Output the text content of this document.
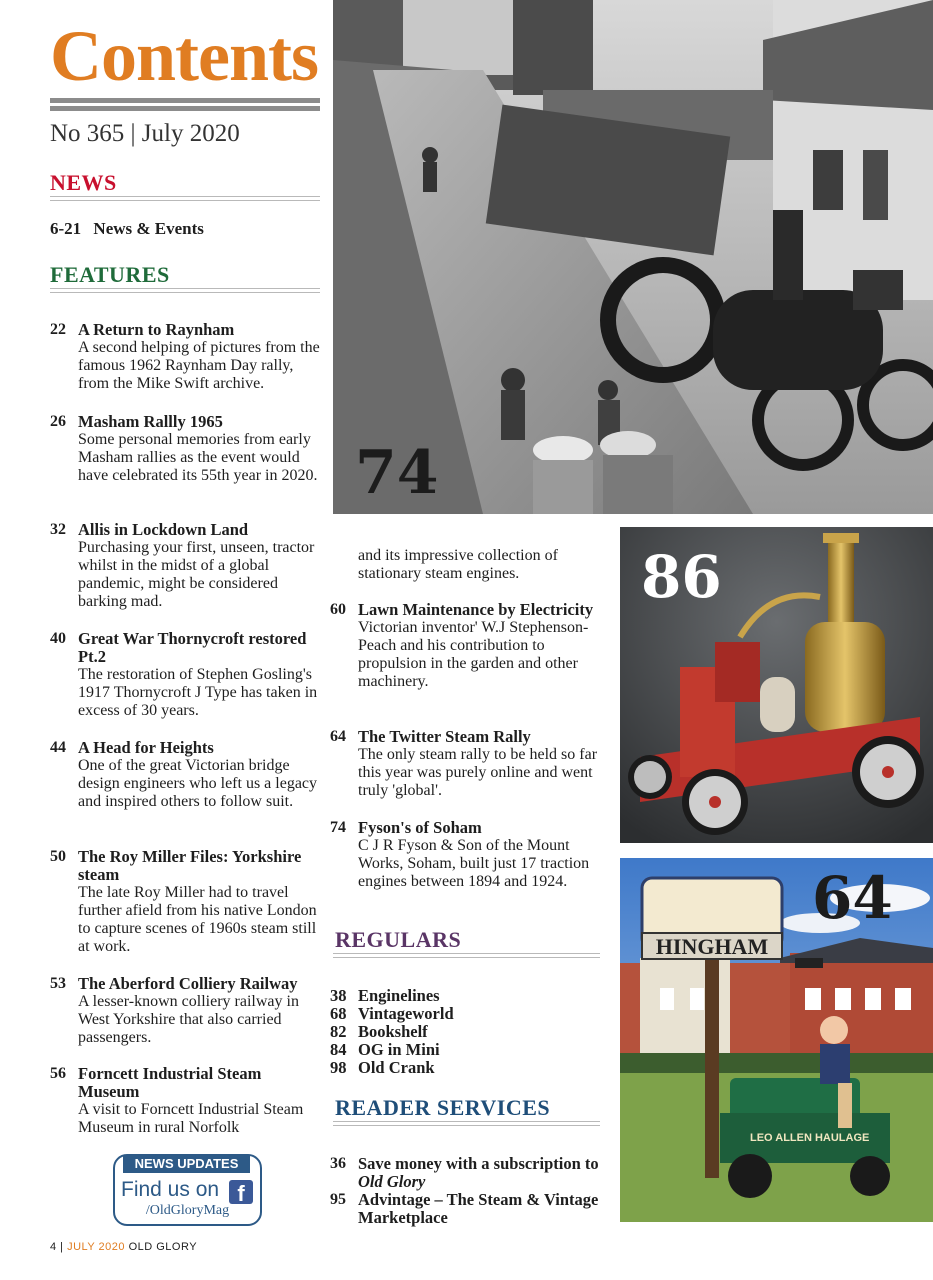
Contents
No 365 | July 2020
NEWS
6-21 News & Events
FEATURES
22 A Return to Raynham
A second helping of pictures from the famous 1962 Raynham Day rally, from the Mike Swift archive.
26 Masham Rallly 1965
Some personal memories from early Masham rallies as the event would have celebrated its 55th year in 2020.
32 Allis in Lockdown Land
Purchasing your first, unseen, tractor whilst in the midst of a global pandemic, might be considered barking mad.
40 Great War Thornycroft restored Pt.2
The restoration of Stephen Gosling's 1917 Thornycroft J Type has taken in excess of 30 years.
44 A Head for Heights
One of the great Victorian bridge design engineers who left us a legacy and inspired others to follow suit.
50 The Roy Miller Files: Yorkshire steam
The late Roy Miller had to travel further afield from his native London to capture scenes of 1960s steam still at work.
53 The Aberford Colliery Railway
A lesser-known colliery railway in West Yorkshire that also carried passengers.
56 Forncett Industrial Steam Museum
A visit to Forncett Industrial Steam Museum in rural Norfolk
NEWS UPDATES
Find us on f
/OldGloryMag
4 | JULY 2020 OLD GLORY
74
86
HINGHAM
LEO ALLEN HAULAGE
64
and its impressive collection of stationary steam engines.
60 Lawn Maintenance by Electricity
Victorian inventor' W.J Stephenson-Peach and his contribution to propulsion in the garden and other machinery.
64 The Twitter Steam Rally
The only steam rally to be held so far this year was purely online and went truly 'global'.
74 Fyson's of Soham
C J R Fyson & Son of the Mount Works, Soham, built just 17 traction engines between 1894 and 1924.
REGULARS
38 Enginelines
68 Vintageworld
82 Bookshelf
84 OG in Mini
98 Old Crank
READER SERVICES
36 Save money with a subscription to Old Glory
95 Advintage – The Steam & Vintage Marketplace
